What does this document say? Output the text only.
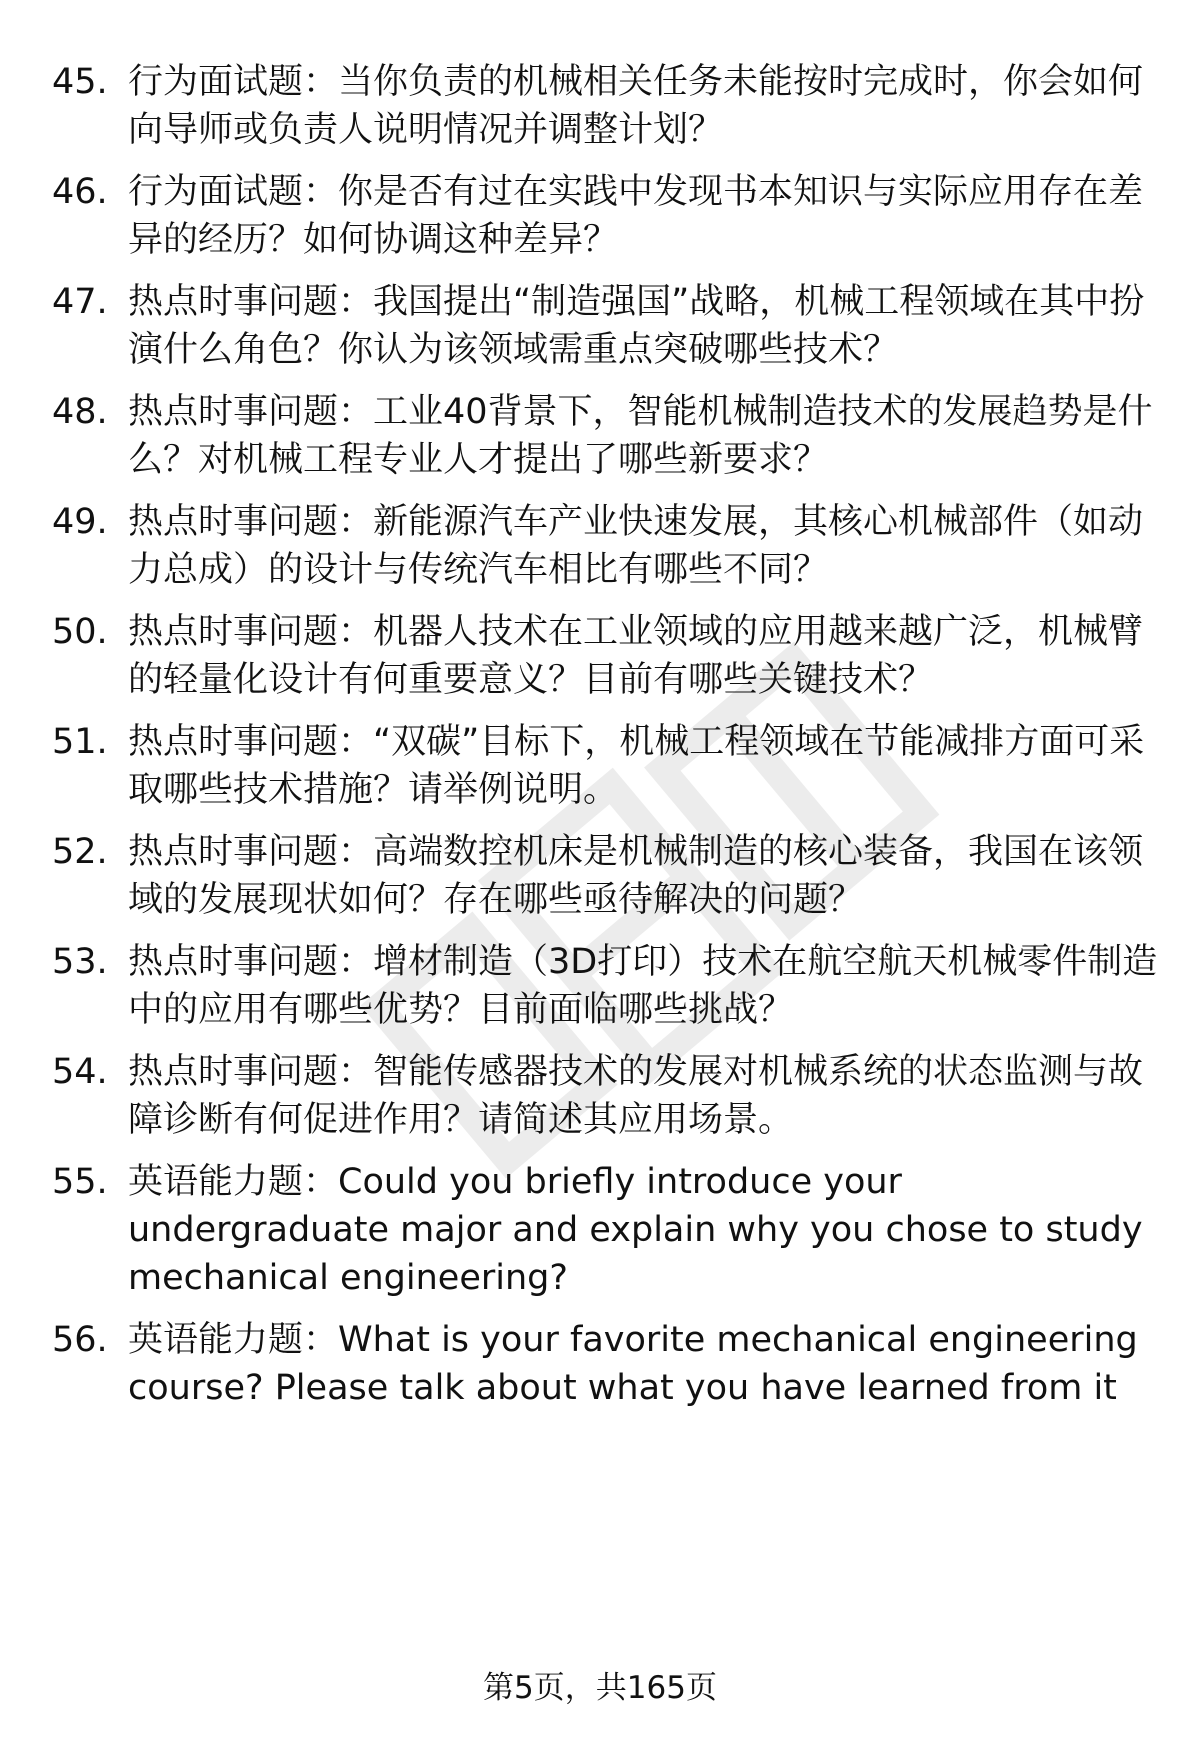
45. 行为面试题：当你负责的机械相关任务未能按时完成时，你会如何向导师或负责人说明情况并调整计划？
46. 行为面试题：你是否有过在实践中发现书本知识与实际应用存在差异的经历？如何协调这种差异？
47. 热点时事问题：我国提出“制造强国”战略，机械工程领域在其中扮演什么角色？你认为该领域需重点突破哪些技术？
48. 热点时事问题：工业40背景下，智能机械制造技术的发展趋势是什么？对机械工程专业人才提出了哪些新要求？
49. 热点时事问题：新能源汽车产业快速发展，其核心机械部件（如动力总成）的设计与传统汽车相比有哪些不同？
50. 热点时事问题：机器人技术在工业领域的应用越来越广泛，机械臂的轻量化设计有何重要意义？目前有哪些关键技术？
51. 热点时事问题：“双碳”目标下，机械工程领域在节能减排方面可采取哪些技术措施？请举例说明。
52. 热点时事问题：高端数控机床是机械制造的核心装备，我国在该领域的发展现状如何？存在哪些亟待解决的问题？
53. 热点时事问题：增材制造（3D打印）技术在航空航天机械零件制造中的应用有哪些优势？目前面临哪些挑战？
54. 热点时事问题：智能传感器技术的发展对机械系统的状态监测与故障诊断有何促进作用？请简述其应用场景。
55. 英语能力题：Could you briefly introduce your undergraduate major and explain why you chose to study mechanical engineering?
56. 英语能力题：What is your favorite mechanical engineering course? Please talk about what you have learned from it
第5页，共165页
